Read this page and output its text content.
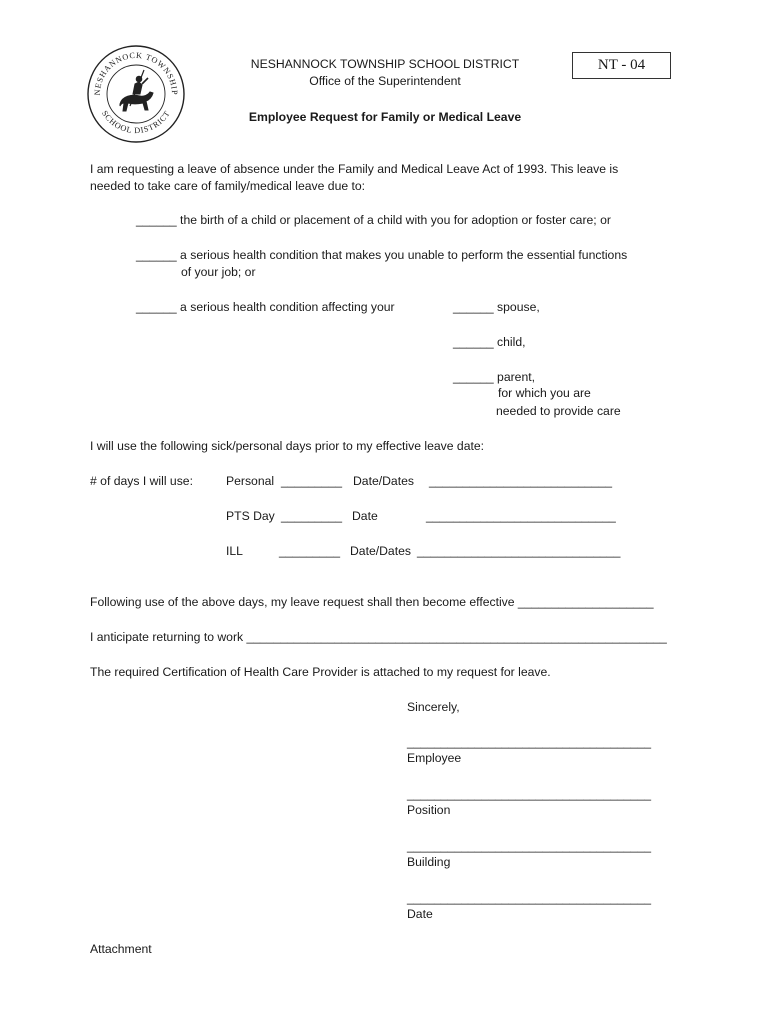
NESHANNOCK TOWNSHIP
SCHOOL DISTRICT
NESHANNOCK TOWNSHIP SCHOOL DISTRICT
Office of the Superintendent
NT - 04
Employee Request for Family or Medical Leave
I am requesting a leave of absence under the Family and Medical Leave Act of 1993. This leave is
needed to take care of family/medical leave due to:
______ the birth of a child or placement of a child with you for adoption or foster care; or
______ a serious health condition that makes you unable to perform the essential functions
of your job; or
______ a serious health condition affecting your	______ spouse,
______ child,
______ parent,
for which you are
needed to provide care
I will use the following sick/personal days prior to my effective leave date:
# of days I will use:	Personal _________ Date/Dates ___________________________
PTS Day _________ Date	____________________________
ILL	_________ Date/Dates ______________________________
Following use of the above days, my leave request shall then become effective ____________________
I anticipate returning to work ______________________________________________________________
The required Certification of Health Care Provider is attached to my request for leave.
Sincerely,
____________________________________
Employee
____________________________________
Position
____________________________________
Building
____________________________________
Date
Attachment
